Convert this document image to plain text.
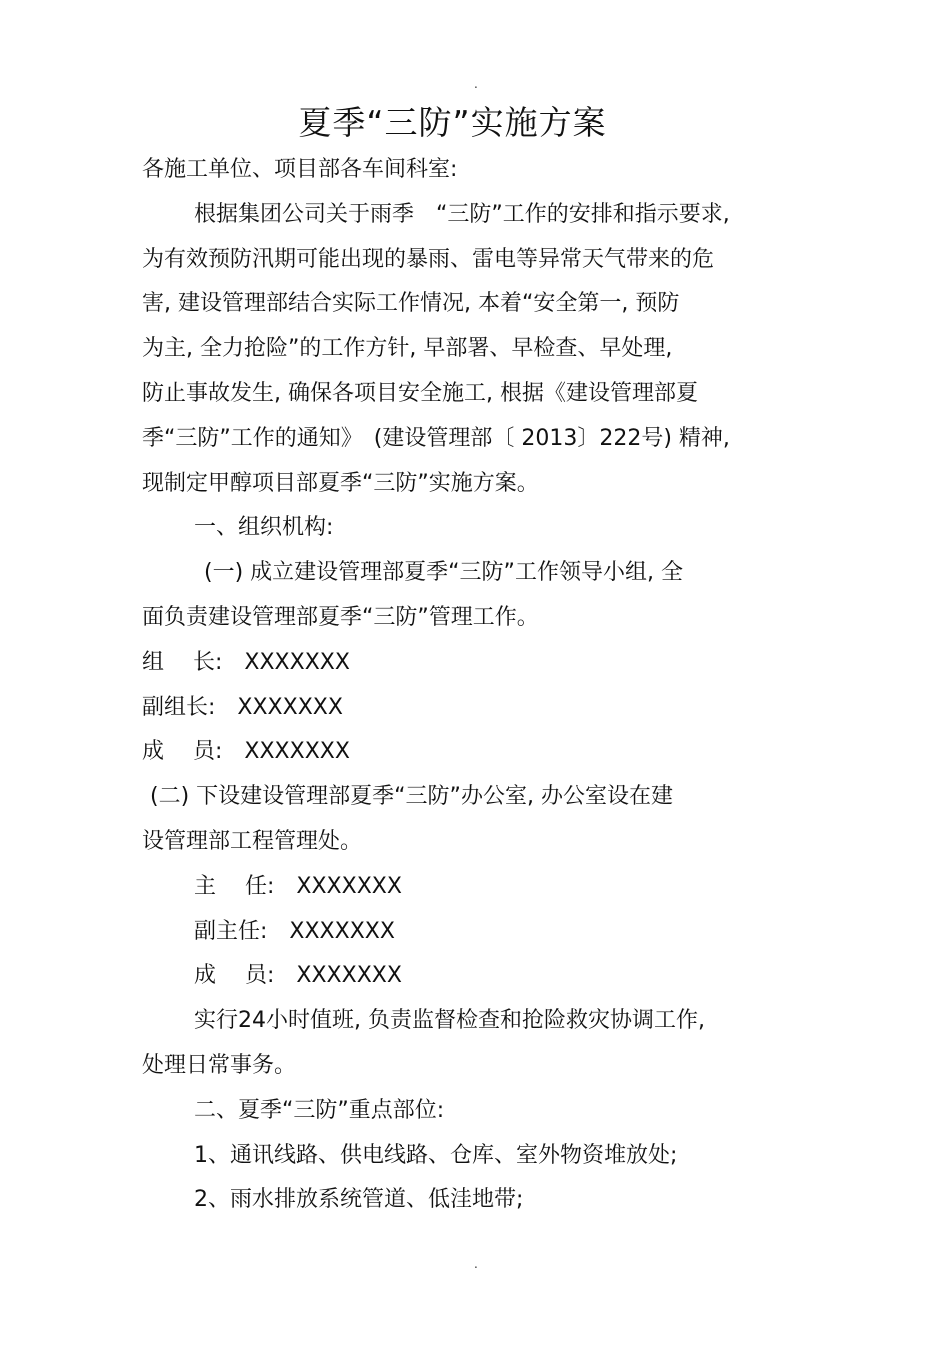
.
夏季“三防”实施方案
各施工单位、项目部各车间科室:
根据集团公司关于雨季　“三防”工作的安排和指示要求,
为有效预防汛期可能出现的暴雨、雷电等异常天气带来的危
害, 建设管理部结合实际工作情况, 本着“安全第一, 预防
为主, 全力抢险”的工作方针, 早部署、早检查、早处理,
防止事故发生, 确保各项目安全施工, 根据《建设管理部夏
季“三防”工作的通知》　(建设管理部〔 2013〕222号) 精神,
现制定甲醇项目部夏季“三防”实施方案。
一、组织机构:
(一) 成立建设管理部夏季“三防”工作领导小组, 全
面负责建设管理部夏季“三防”管理工作。
组　 长:　XXXXXXX
副组长:　XXXXXXX
成　 员:　XXXXXXX
(二) 下设建设管理部夏季“三防”办公室, 办公室设在建
设管理部工程管理处。
主　 任:　XXXXXXX
副主任:　XXXXXXX
成　 员:　XXXXXXX
实行24小时值班, 负责监督检查和抢险救灾协调工作,
处理日常事务。
二、夏季“三防”重点部位:
1、通讯线路、供电线路、仓库、室外物资堆放处;
2、雨水排放系统管道、低洼地带;
.
